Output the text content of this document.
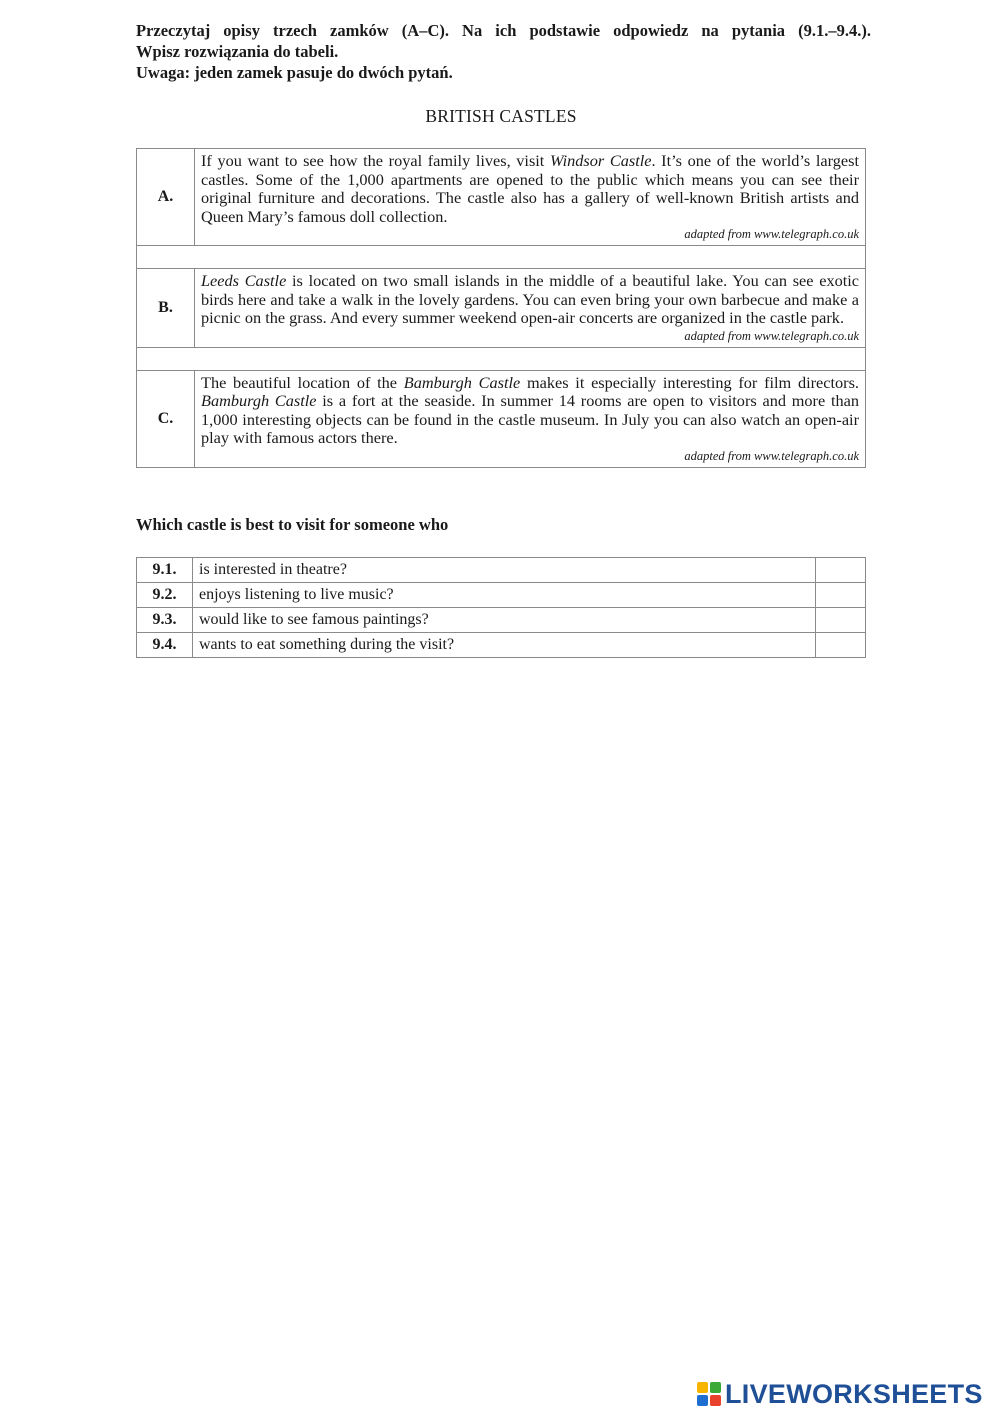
Przeczytaj opisy trzech zamków (A–C). Na ich podstawie odpowiedz na pytania (9.1.–9.4.).
Wpisz rozwiązania do tabeli.
Uwaga: jeden zamek pasuje do dwóch pytań.
BRITISH CASTLES
A.	If you want to see how the royal family lives, visit Windsor Castle. It’s one of the world’s largest castles. Some of the 1,000 apartments are opened to the public which means you can see their original furniture and decorations. The castle also has a gallery of well-known British artists and Queen Mary’s famous doll collection.
adapted from www.telegraph.co.uk

B.	Leeds Castle is located on two small islands in the middle of a beautiful lake. You can see exotic birds here and take a walk in the lovely gardens. You can even bring your own barbecue and make a picnic on the grass. And every summer weekend open-air concerts are organized in the castle park.
adapted from www.telegraph.co.uk

C.	The beautiful location of the Bamburgh Castle makes it especially interesting for film directors. Bamburgh Castle is a fort at the seaside. In summer 14 rooms are open to visitors and more than 1,000 interesting objects can be found in the castle museum. In July you can also watch an open-air play with famous actors there.
adapted from www.telegraph.co.uk
Which castle is best to visit for someone who
9.1.	is interested in theatre?	
9.2.	enjoys listening to live music?	
9.3.	would like to see famous paintings?	
9.4.	wants to eat something during the visit?	
LIVEWORKSHEETS
